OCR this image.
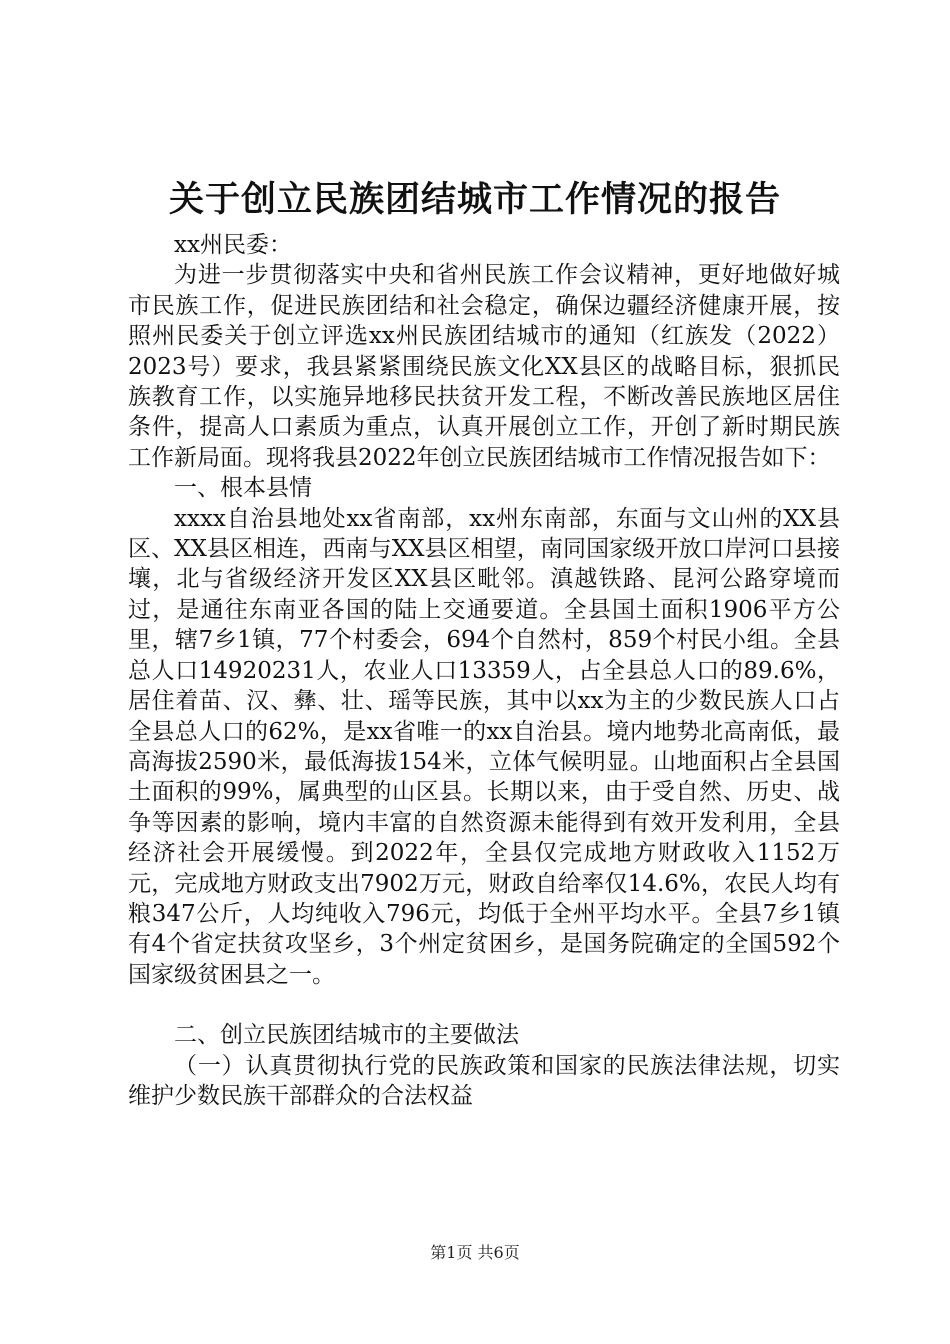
关于创立民族团结城市工作情况的报告

xx州民委：

为进一步贯彻落实中央和省州民族工作会议精神，更好地做好城市民族工作，促进民族团结和社会稳定，确保边疆经济健康开展，按照州民委关于创立评选xx州民族团结城市的通知（红族发（2022）2023号）要求，我县紧紧围绕民族文化XX县区的战略目标，狠抓民族教育工作，以实施异地移民扶贫开发工程，不断改善民族地区居住条件，提高人口素质为重点，认真开展创立工作，开创了新时期民族工作新局面。现将我县2022年创立民族团结城市工作情况报告如下：

一、根本县情

xxxx自治县地处xx省南部，xx州东南部，东面与文山州的XX县区、XX县区相连，西南与XX县区相望，南同国家级开放口岸河口县接壤，北与省级经济开发区XX县区毗邻。滇越铁路、昆河公路穿境而过，是通往东南亚各国的陆上交通要道。全县国土面积1906平方公里，辖7乡1镇，77个村委会，694个自然村，859个村民小组。全县总人口14920231人，农业人口13359人，占全县总人口的89.6%，居住着苗、汉、彝、壮、瑶等民族，其中以xx为主的少数民族人口占全县总人口的62%，是xx省唯一的xx自治县。境内地势北高南低，最高海拔2590米，最低海拔154米，立体气候明显。山地面积占全县国土面积的99%，属典型的山区县。长期以来，由于受自然、历史、战争等因素的影响，境内丰富的自然资源未能得到有效开发利用，全县经济社会开展缓慢。到2022年，全县仅完成地方财政收入1152万元，完成地方财政支出7902万元，财政自给率仅14.6%，农民人均有粮347公斤，人均纯收入796元，均低于全州平均水平。全县7乡1镇有4个省定扶贫攻坚乡，3个州定贫困乡，是国务院确定的全国592个国家级贫困县之一。

二、创立民族团结城市的主要做法

（一）认真贯彻执行党的民族政策和国家的民族法律法规，切实维护少数民族干部群众的合法权益

第1页 共6页
